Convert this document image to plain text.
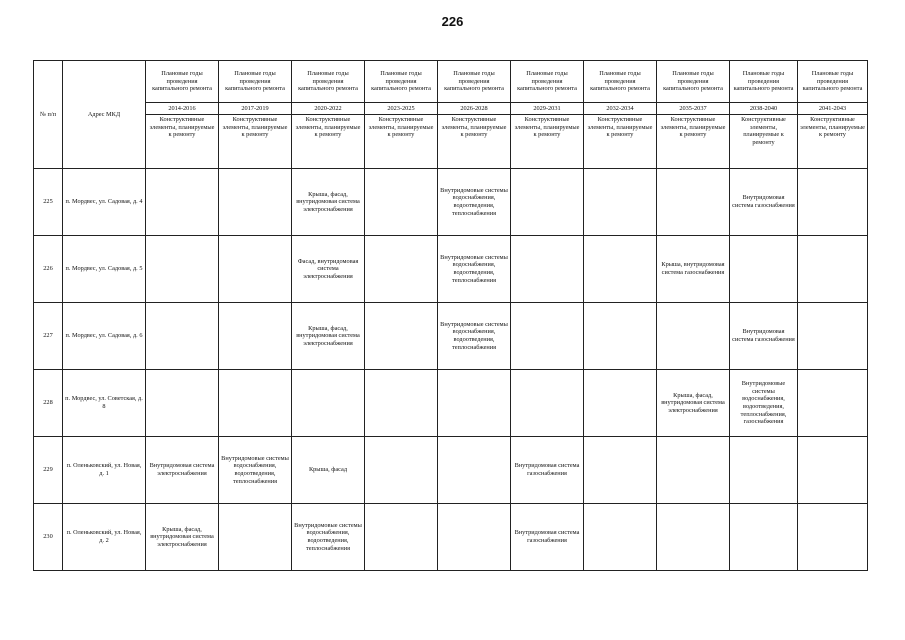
226
№ п/п	Адрес МКД	Плановые годы проведения капитального ремонта	Плановые годы проведения капитального ремонта	Плановые годы проведения капитального ремонта	Плановые годы проведения капитального ремонта	Плановые годы проведения капитального ремонта	Плановые годы проведения капитального ремонта	Плановые годы проведения капитального ремонта	Плановые годы проведения капитального ремонта	Плановые годы проведения капитального ремонта	Плановые годы проведения капитального ремонта
		2014-2016	2017-2019	2020-2022	2023-2025	2026-2028	2029-2031	2032-2034	2035-2037	2038-2040	2041-2043
		Конструктивные элементы, планируемые к ремонту	Конструктивные элементы, планируемые к ремонту	Конструктивные элементы, планируемые к ремонту	Конструктивные элементы, планируемые к ремонту	Конструктивные элементы, планируемые к ремонту	Конструктивные элементы, планируемые к ремонту	Конструктивные элементы, планируемые к ремонту	Конструктивные элементы, планируемые к ремонту	Конструктивные элементы, планируемые к ремонту	Конструктивные элементы, планируемые к ремонту
225	п. Мордвес, ул. Садовая, д. 4			Крыша, фасад, внутридомовая система электроснабжения		Внутридомовые системы водоснабжения, водоотведения, теплоснабжения				Внутридомовая система газоснабжения	
226	п. Мордвес, ул. Садовая, д. 5			Фасад, внутридомовая система электроснабжения		Внутридомовые системы водоснабжения, водоотведения, теплоснабжения			Крыша, внутридомовая система газоснабжения		
227	п. Мордвес, ул. Садовая, д. 6			Крыша, фасад, внутридомовая система электроснабжения		Внутридомовые системы водоснабжения, водоотведения, теплоснабжения				Внутридомовая система газоснабжения	
228	п. Мордвес, ул. Советская, д. 8								Крыша, фасад, внутридомовая система электроснабжения	Внутридомовые системы водоснабжения, водоотведения, теплоснабжения, газоснабжения	
229	п. Оленьковский, ул. Новая, д. 1	Внутридомовая система электроснабжения	Внутридомовые системы водоснабжения, водоотведения, теплоснабжения	Крыша, фасад			Внутридомовая система газоснабжения				
230	п. Оленьковский, ул. Новая, д. 2	Крыша, фасад, внутридомовая система электроснабжения		Внутридомовые системы водоснабжения, водоотведения, теплоснабжения			Внутридомовая система газоснабжения				
